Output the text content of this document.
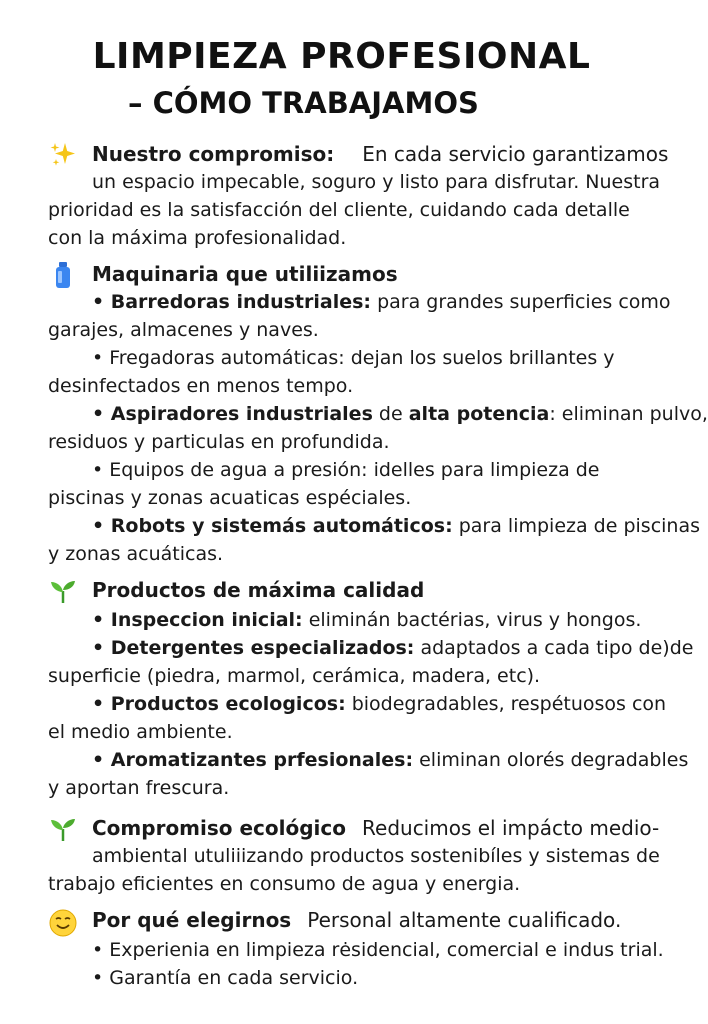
LIMPIEZA PROFESIONAL
– CÓMO TRABAJAMOS
Nuestro compromiso: En cada servicio garantizamos
un espacio impecable, soguro y listo para disfrutar. Nuestra
prioridad es la satisfacción del cliente, cuidando cada detalle
con la máxima profesionalidad.
Maquinaria que utiliizamos
• Barredoras industriales: para grandes superficies como
garajes, almacenes y naves.
• Fregadoras automáticas: dejan los suelos brillantes y
desinfectados en menos tempo.
• Aspiradores industriales de alta potencia: eliminan pulvo,
residuos y particulas en profundida.
• Equipos de agua a presión: idelles para limpieza de
piscinas y zonas acuaticas espéciales.
• Robots y sistemás automáticos: para limpieza de piscinas
y zonas acuáticas.
Productos de máxima calidad
• Inspeccion inicial: eliminán bactérias, virus y hongos.
• Detergentes especializados: adaptados a cada tipo de)de
superficie (piedra, marmol, cerámica, madera, etc).
• Productos ecologicos: biodegradables, respétuosos con
el medio ambiente.
• Aromatizantes prfesionales: eliminan olorés degradables
y aportan frescura.
Compromiso ecológico Reducimos el impácto medio-
ambiental utuliiizando productos sostenibíles y sistemas de
trabajo eficientes en consumo de agua y energia.
Por qué elegirnos Personal altamente cualificado.
• Experienia en limpieza rėsidencial, comercial e indus trial.
• Garantía en cada servicio.
